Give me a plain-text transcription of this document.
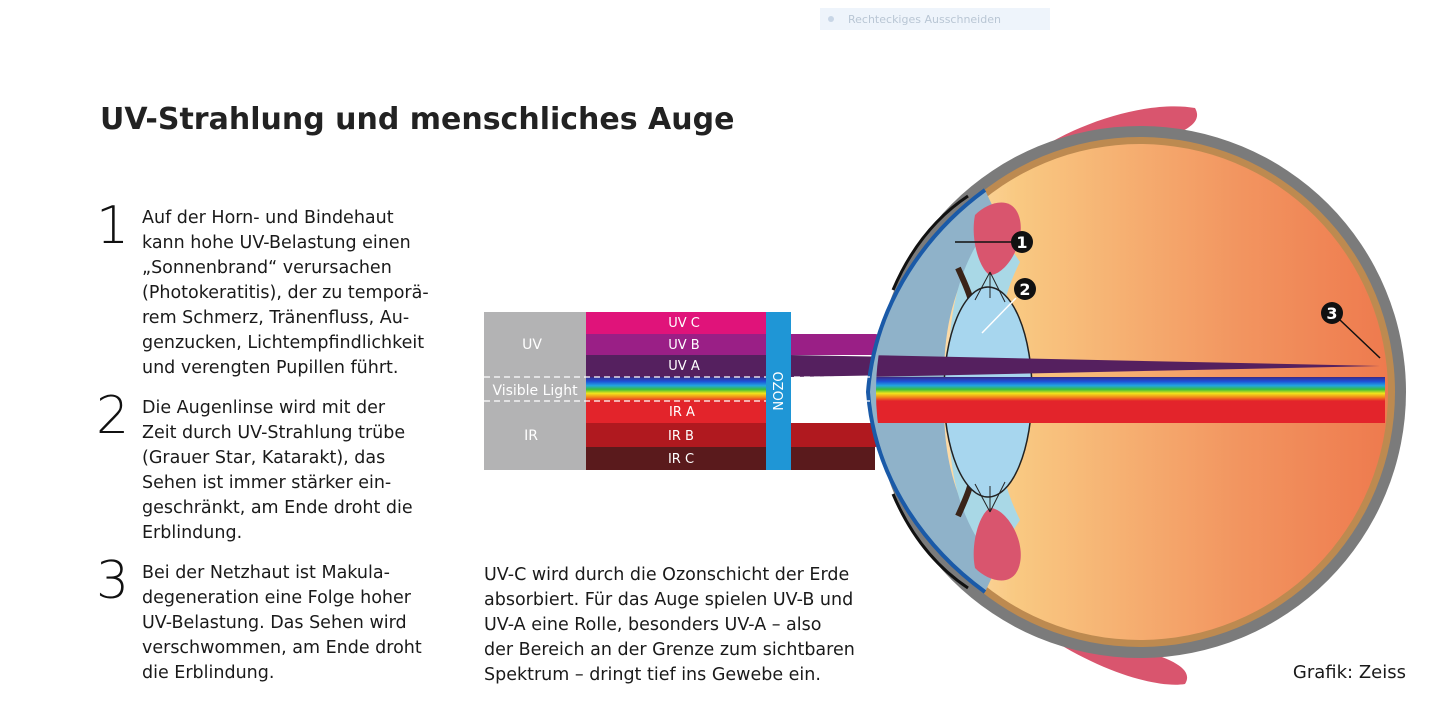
Rechteckiges Ausschneiden
UV-Strahlung und menschliches Auge
1 Auf der Horn- und Bindehaut
kann hohe UV-Belastung einen
„Sonnenbrand“ verursachen
(Photokeratitis), der zu temporä-
rem Schmerz, Tränenfluss, Au-
genzucken, Lichtempfindlichkeit
und verengten Pupillen führt.
2 Die Augenlinse wird mit der
Zeit durch UV-Strahlung trübe
(Grauer Star, Katarakt), das
Sehen ist immer stärker ein-
geschränkt, am Ende droht die
Erblindung.
3 Bei der Netzhaut ist Makula-
degeneration eine Folge hoher
UV-Belastung. Das Sehen wird
verschwommen, am Ende droht
die Erblindung.
UV
Visible Light
IR
UV C
UV B
UV A
IR A
IR B
IR C
OZON
1
2
3
UV-C wird durch die Ozonschicht der Erde
absorbiert. Für das Auge spielen UV-B und
UV-A eine Rolle, besonders UV-A – also
der Bereich an der Grenze zum sichtbaren
Spektrum – dringt tief ins Gewebe ein.	Grafik: Zeiss
